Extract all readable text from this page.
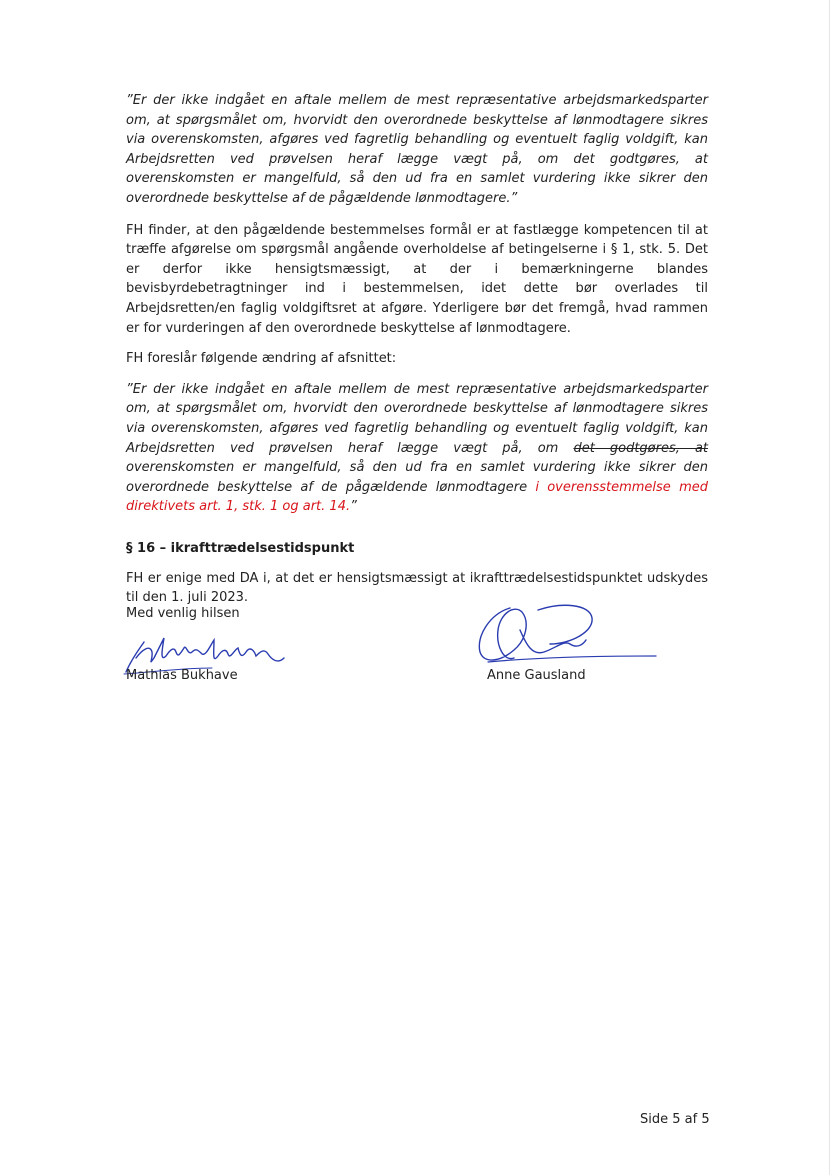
”Er der ikke indgået en aftale mellem de mest repræsentative arbejdsmarkedsparter om, at spørgsmålet om, hvorvidt den overordnede beskyttelse af lønmodtagere sikres via overenskomsten, afgøres ved fagretlig behandling og eventuelt faglig voldgift, kan Arbejdsretten ved prøvelsen heraf lægge vægt på, om det godtgøres, at overenskomsten er mangelfuld, så den ud fra en samlet vurdering ikke sikrer den overordnede beskyttelse af de pågældende lønmodtagere.”

FH finder, at den pågældende bestemmelses formål er at fastlægge kompetencen til at træffe afgørelse om spørgsmål angående overholdelse af betingelserne i § 1, stk. 5. Det er derfor ikke hensigtsmæssigt, at der i bemærkningerne blandes bevisbyrdebetragtninger ind i bestemmelsen, idet dette bør overlades til Arbejdsretten/en faglig voldgiftsret at afgøre. Yderligere bør det fremgå, hvad rammen er for vurderingen af den overordnede beskyttelse af lønmodtagere.

FH foreslår følgende ændring af afsnittet:

”Er der ikke indgået en aftale mellem de mest repræsentative arbejdsmarkedsparter om, at spørgsmålet om, hvorvidt den overordnede beskyttelse af lønmodtagere sikres via overenskomsten, afgøres ved fagretlig behandling og eventuelt faglig voldgift, kan Arbejdsretten ved prøvelsen heraf lægge vægt på, om det godtgøres, at overenskomsten er mangelfuld, så den ud fra en samlet vurdering ikke sikrer den overordnede beskyttelse af de pågældende lønmodtagere i overensstemmelse med direktivets art. 1, stk. 1 og art. 14.”

§ 16 – ikrafttrædelsestidspunkt

FH er enige med DA i, at det er hensigtsmæssigt at ikrafttrædelsestidspunktet udskydes til den 1. juli 2023.

Med venlig hilsen
Mathias Bukhave	Anne Gausland
Side 5 af 5
